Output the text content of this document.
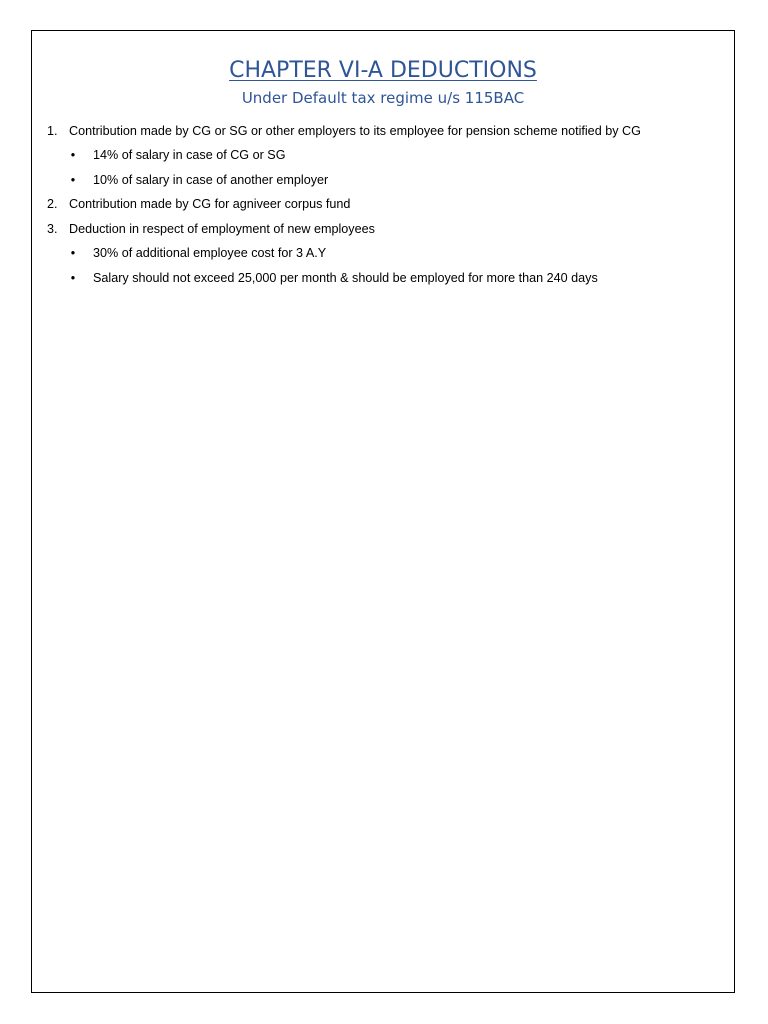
CHAPTER VI-A DEDUCTIONS
Under Default tax regime u/s 115BAC
1. Contribution made by CG or SG or other employers to its employee for pension scheme notified by CG
• 14% of salary in case of CG or SG
• 10% of salary in case of another employer
2. Contribution made by CG for agniveer corpus fund
3. Deduction in respect of employment of new employees
• 30% of additional employee cost for 3 A.Y
• Salary should not exceed 25,000 per month & should be employed for more than 240 days
